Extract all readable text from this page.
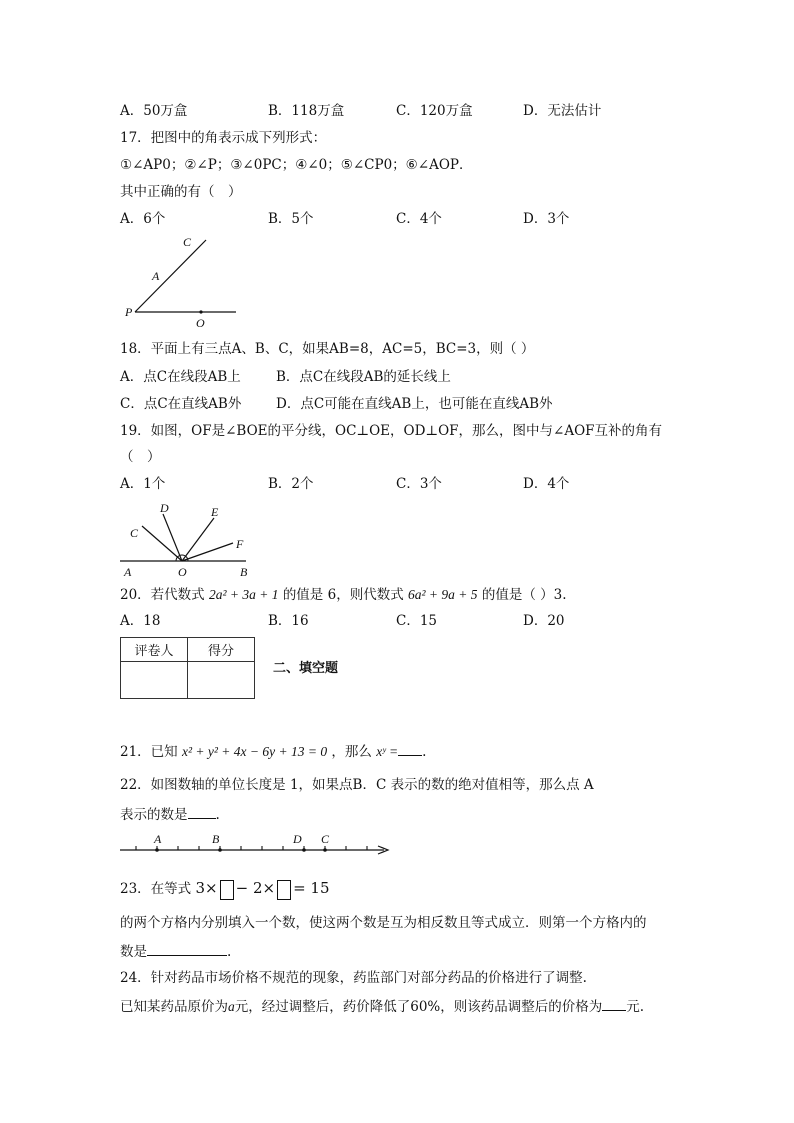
A．50万盒	B．118万盒	C．120万盒	D．无法估计
17．把图中的角表示成下列形式：
①∠AP0；②∠P；③∠0PC；④∠0；⑤∠CP0；⑥∠AOP．
其中正确的有（　）
A．6个	B．5个	C．4个	D．3个
C
A
P
O
18．平面上有三点A、B、C，如果AB=8，AC=5，BC=3，则（ ）
A．点C在线段AB上	B．点C在线段AB的延长线上
C．点C在直线AB外	D．点C可能在直线AB上，也可能在直线AB外
19．如图，OF是∠BOE的平分线，OC⊥OE，OD⊥OF，那么，图中与∠AOF互补的角有
（　）
A．1个	B．2个	C．3个	D．4个
C
D	E
F
A	O	B
20．若代数式 2a² + 3a + 1 的值是 6，则代数式 6a² + 9a + 5 的值是（ ）3.
A．18	B．16	C．15	D．20
评卷人	得分

二、填空题
21．已知 x² + y² + 4x − 6y + 13 = 0 ，那么 xʸ = .
22．如图数轴的单位长度是 1，如果点B．C 表示的数的绝对值相等，那么点 A
表示的数是 .
A	B	D C
23．在等式 3× − 2× = 15
的两个方格内分别填入一个数，使这两个数是互为相反数且等式成立．则第一个方格内的
数是	.
24．针对药品市场价格不规范的现象，药监部门对部分药品的价格进行了调整.
已知某药品原价为a元，经过调整后，药价降低了60%，则该药品调整后的价格为 元.
